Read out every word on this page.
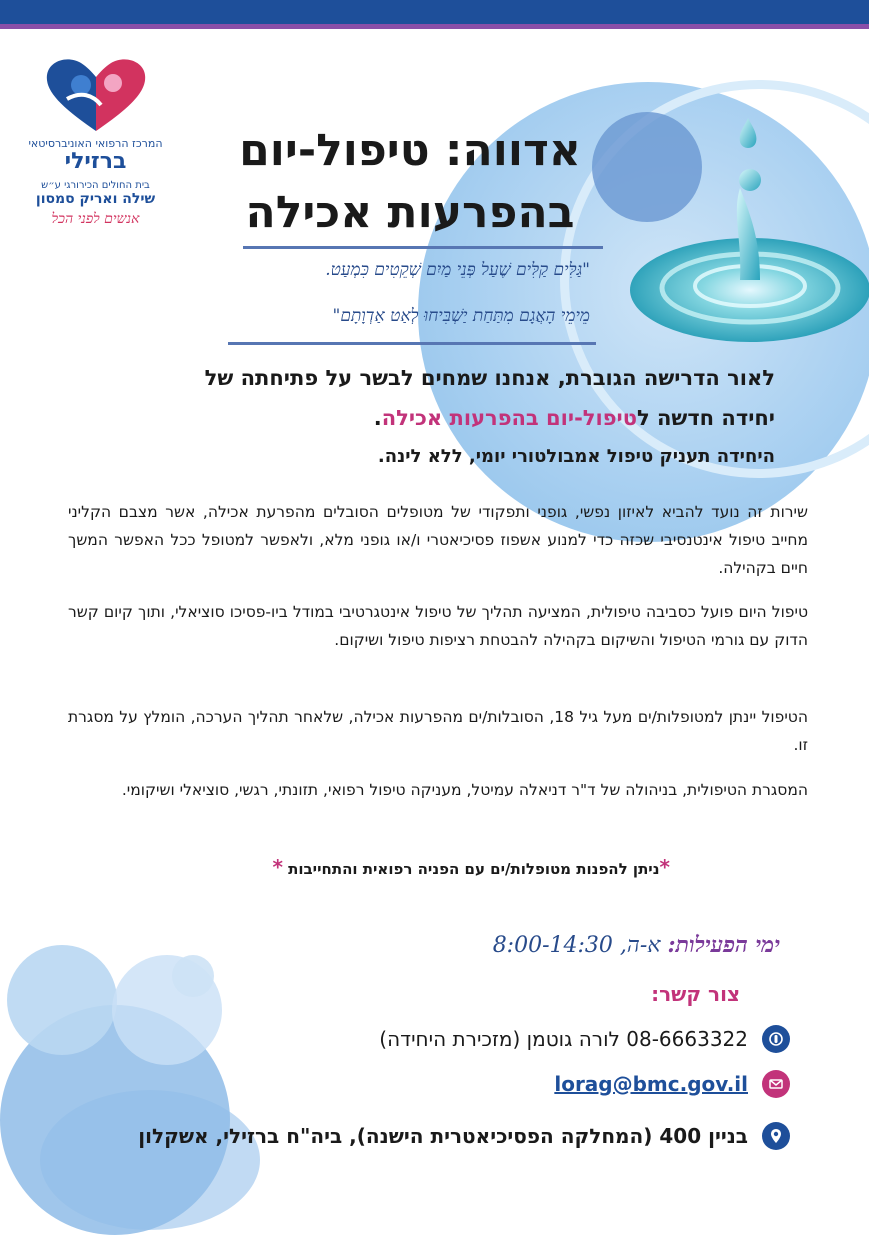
המרכז הרפואי האוניברסיטאי
ברזילי
בית החולים הכירורגי ע״ש
שילה ואריק סמסון
אנשים לפני הכל
אדווה: טיפול-יום
בהפרעות אכילה
"גַּלִּים קַלִּים שֶׁעַל פְּנֵי מַיִם שְׁקֵטִים כִּמְעַט.
מֵימֵי הָאֲגָם מִתַּחַת יַשְׁבִּיחוּ לְאַט אַדְוָתָם"
לאור הדרישה הגוברת, אנחנו שמחים לבשר על פתיחתה של
יחידה חדשה לטיפול-יום בהפרעות אכילה.
היחידה תעניק טיפול אמבולטורי יומי, ללא לינה.
שירות זה נועד להביא לאיזון נפשי, גופני ותפקודי של מטופלים הסובלים מהפרעת אכילה, אשר מצבם הקליני מחייב טיפול אינטנסיבי שכזה כדי למנוע אשפוז פסיכיאטרי ו/או גופני מלא, ולאפשר למטופל ככל האפשר המשך חיים בקהילה.
טיפול היום פועל כסביבה טיפולית, המציעה תהליך של טיפול אינטגרטיבי במודל ביו-פסיכו סוציאלי, ותוך קיום קשר הדוק עם גורמי הטיפול והשיקום בקהילה להבטחת רציפות טיפול ושיקום.
הטיפול יינתן למטופלות/ים מעל גיל 18, הסובלות/ים מהפרעות אכילה, שלאחר תהליך הערכה, הומלץ על מסגרת זו.
המסגרת הטיפולית, בניהולה של ד"ר דניאלה עמיטל, מעניקה טיפול רפואי, תזונתי, רגשי, סוציאלי ושיקומי.
*ניתן להפנות מטופלות/ים עם הפניה רפואית והתחייבות *
ימי הפעילות: א-ה, 8:00-14:30
צור קשר:
08-6663322 לורה גוטמן (מזכירת היחידה)
lorag@bmc.gov.il
בניין 400 (המחלקה הפסיכיאטרית הישנה), ביה"ח ברזילי, אשקלון
